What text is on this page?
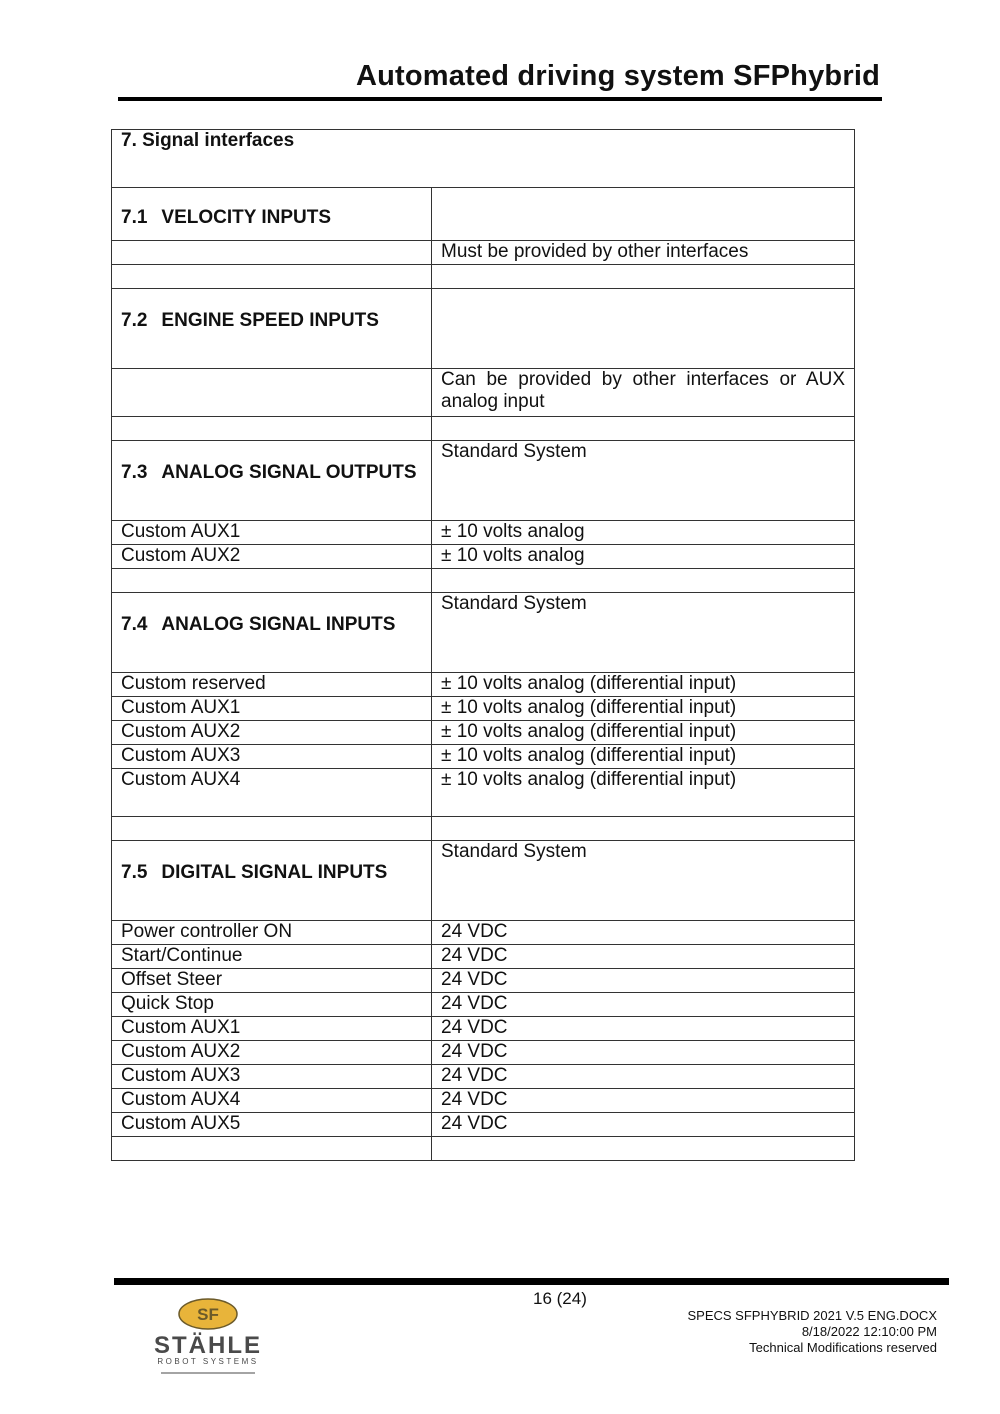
Automated driving system SFPhybrid
7. Signal interfaces	
7.1 VELOCITY INPUTS	
	Must be provided by other interfaces

7.2 ENGINE SPEED INPUTS	
	Can be provided by other interfaces or AUX analog input

7.3 ANALOG SIGNAL OUTPUTS	Standard System
Custom AUX1	± 10 volts analog
Custom AUX2	± 10 volts analog

7.4 ANALOG SIGNAL INPUTS	Standard System
Custom reserved	± 10 volts analog (differential input)
Custom AUX1	± 10 volts analog (differential input)
Custom AUX2	± 10 volts analog (differential input)
Custom AUX3	± 10 volts analog (differential input)
Custom AUX4	± 10 volts analog (differential input)

7.5 DIGITAL SIGNAL INPUTS	Standard System
Power controller ON	24 VDC
Start/Continue	24 VDC
Offset Steer	24 VDC
Quick Stop	24 VDC
Custom AUX1	24 VDC
Custom AUX2	24 VDC
Custom AUX3	24 VDC
Custom AUX4	24 VDC
Custom AUX5	24 VDC

16 (24)
SPECS SFPHYBRID 2021 V.5 ENG.DOCX
8/18/2022 12:10:00 PM
Technical Modifications reserved
SF
STÄHLE
ROBOT SYSTEMS
